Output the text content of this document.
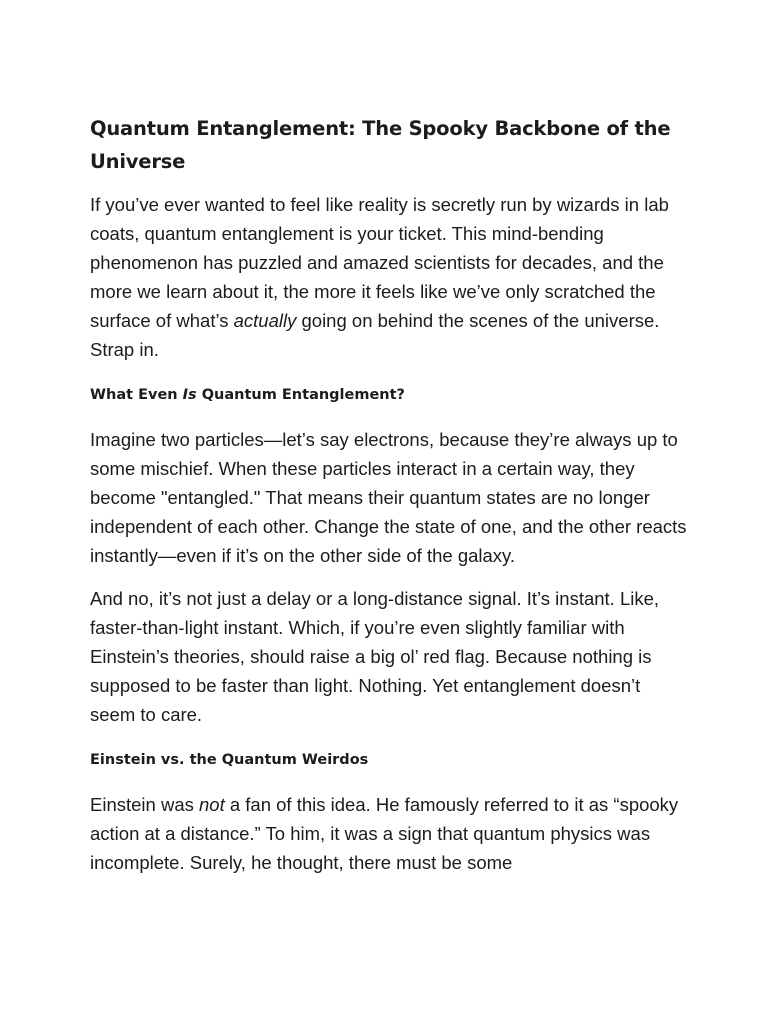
Quantum Entanglement: The Spooky Backbone of the Universe

If you’ve ever wanted to feel like reality is secretly run by wizards in lab coats, quantum entanglement is your ticket. This mind-bending phenomenon has puzzled and amazed scientists for decades, and the more we learn about it, the more it feels like we’ve only scratched the surface of what’s actually going on behind the scenes of the universe. Strap in.

What Even Is Quantum Entanglement?

Imagine two particles—let’s say electrons, because they’re always up to some mischief. When these particles interact in a certain way, they become "entangled." That means their quantum states are no longer independent of each other. Change the state of one, and the other reacts instantly—even if it’s on the other side of the galaxy.

And no, it’s not just a delay or a long-distance signal. It’s instant. Like, faster-than-light instant. Which, if you’re even slightly familiar with Einstein’s theories, should raise a big ol’ red flag. Because nothing is supposed to be faster than light. Nothing. Yet entanglement doesn’t seem to care.

Einstein vs. the Quantum Weirdos

Einstein was not a fan of this idea. He famously referred to it as “spooky action at a distance.” To him, it was a sign that quantum physics was incomplete. Surely, he thought, there must be some
